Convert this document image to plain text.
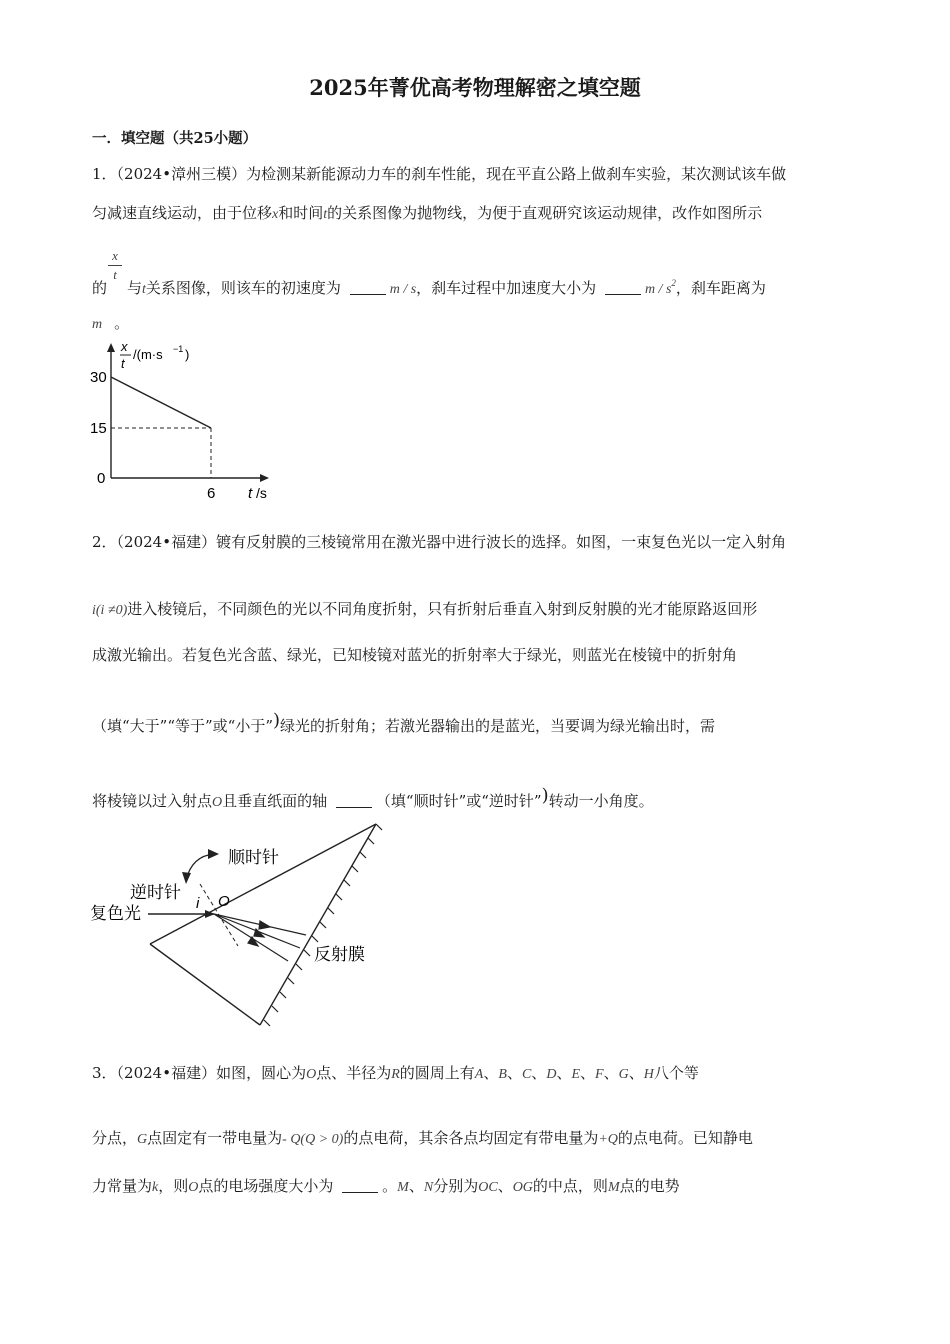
2025年菁优高考物理解密之填空题
一．填空题（共25小题）
1．（2024•漳州三模）为检测某新能源动力车的刹车性能，现在平直公路上做刹车实验，某次测试该车做
匀减速直线运动，由于位移x和时间t的关系图像为抛物线，为便于直观研究该运动规律，改作如图所示
x
t
的 与t关系图像，则该车的初速度为	m / s，刹车过程中加速度大小为	m / $s^2$，刹车距离为
m 。
x
t
/(m·s −1 )
30
15
0
6 t /s
2．（2024•福建）镀有反射膜的三棱镜常用在激光器中进行波长的选择。如图，一束复色光以一定入射角
i(i ≠0)进入棱镜后，不同颜色的光以不同角度折射，只有折射后垂直入射到反射膜的光才能原路返回形
成激光输出。若复色光含蓝、绿光，已知棱镜对蓝光的折射率大于绿光，则蓝光在棱镜中的折射角
（填“大于”“等于”或“小于”)绿光的折射角；若激光器输出的是蓝光，当要调为绿光输出时，需
将棱镜以过入射点O且垂直纸面的轴	（填“顺时针”或“逆时针”)转动一小角度。
顺时针
逆时针
复色光
反射膜
i O
3．（2024•福建）如图，圆心为O点、半径为R的圆周上有A、B、C、D、E、F、G、H八个等
分点，G点固定有一带电量为- Q(Q > 0)的点电荷，其余各点均固定有带电量为+Q的点电荷。已知静电
力常量为k，则O点的电场强度大小为	。M、N分别为OC、OG的中点，则M点的电势
